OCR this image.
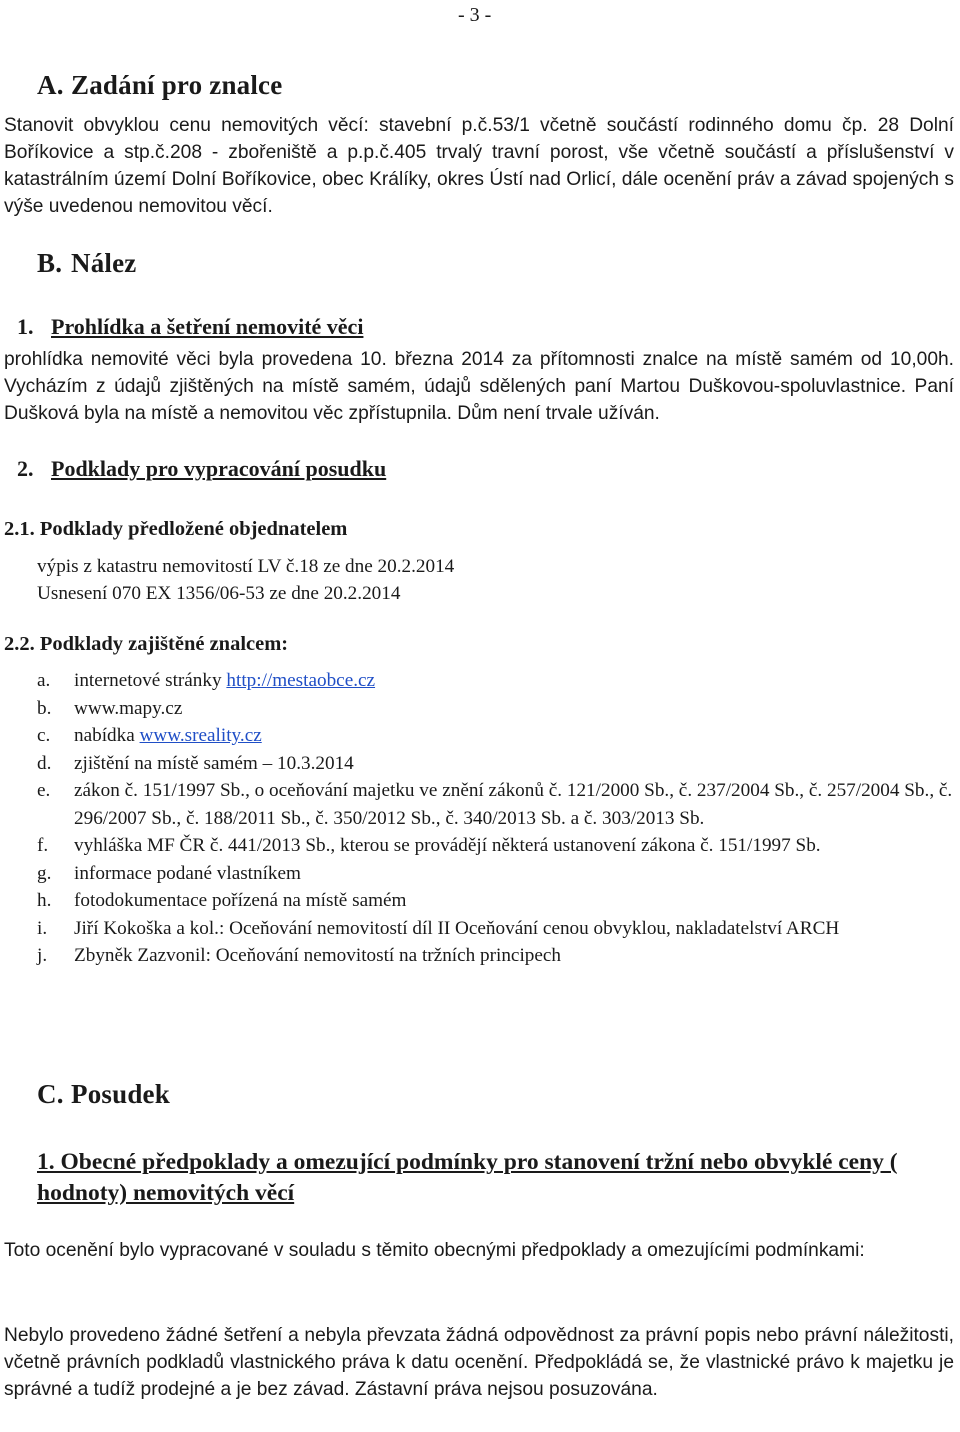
- 3 -
A. Zadání pro znalce
Stanovit obvyklou cenu nemovitých věcí: stavební p.č.53/1 včetně součástí rodinného domu čp. 28 Dolní Boříkovice a stp.č.208 - zbořeniště a p.p.č.405 trvalý travní porost, vše včetně součástí a příslušenství v katastrálním území Dolní Boříkovice, obec Králíky, okres Ústí nad Orlicí, dále ocenění práv a závad spojených s výše uvedenou nemovitou věcí.
B. Nález
1. Prohlídka a šetření nemovité věci
prohlídka nemovité věci byla provedena 10. března 2014 za přítomnosti znalce na místě samém od 10,00h. Vycházím z údajů zjištěných na místě samém, údajů sdělených paní Martou Duškovou-spoluvlastnice. Paní Dušková byla na místě a nemovitou věc zpřístupnila. Dům není trvale užíván.
2. Podklady pro vypracování posudku
2.1. Podklady předložené objednatelem
výpis z katastru nemovitostí LV č.18 ze dne 20.2.2014
Usnesení 070 EX 1356/06-53 ze dne 20.2.2014
2.2. Podklady zajištěné znalcem:
a. internetové stránky http://mestaobce.cz
b. www.mapy.cz
c. nabídka www.sreality.cz
d. zjištění na místě samém – 10.3.2014
e. zákon č. 151/1997 Sb., o oceňování majetku ve znění zákonů č. 121/2000 Sb., č. 237/2004 Sb., č. 257/2004 Sb., č. 296/2007 Sb., č. 188/2011 Sb., č. 350/2012 Sb., č. 340/2013 Sb. a č. 303/2013 Sb.
f. vyhláška MF ČR č. 441/2013 Sb., kterou se provádějí některá ustanovení zákona č. 151/1997 Sb.
g. informace podané vlastníkem
h. fotodokumentace pořízená na místě samém
i. Jiří Kokoška a kol.: Oceňování nemovitostí díl II Oceňování cenou obvyklou, nakladatelství ARCH
j. Zbyněk Zazvonil: Oceňování nemovitostí na tržních principech
C. Posudek
1. Obecné předpoklady a omezující podmínky pro stanovení tržní nebo obvyklé ceny ( hodnoty) nemovitých věcí
Toto ocenění bylo vypracované v souladu s těmito obecnými předpoklady a omezujícími podmínkami:
Nebylo provedeno žádné šetření a nebyla převzata žádná odpovědnost za právní popis nebo právní náležitosti, včetně právních podkladů vlastnického práva k datu ocenění. Předpokládá se, že vlastnické právo k majetku je správné a tudíž prodejné a je bez závad. Zástavní práva nejsou posuzována.
